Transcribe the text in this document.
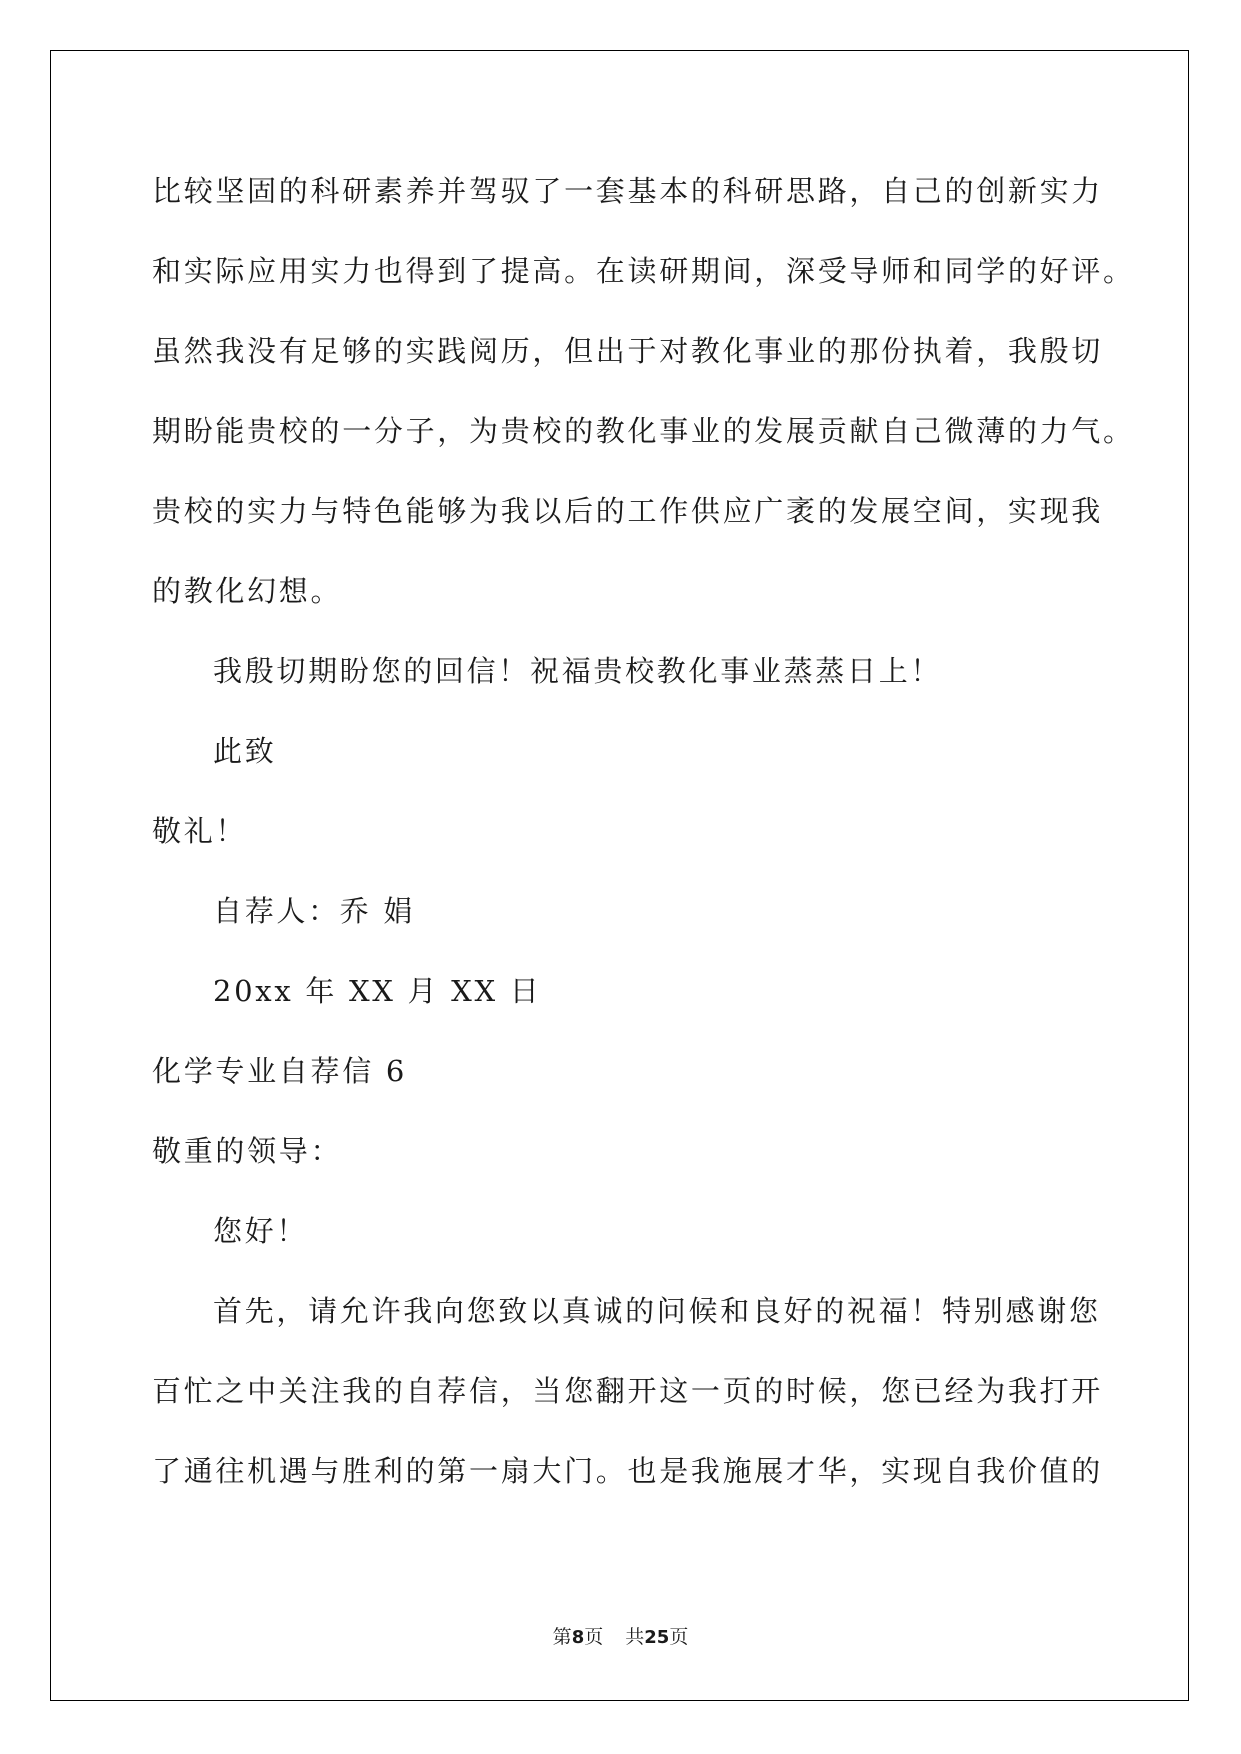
比较坚固的科研素养并驾驭了一套基本的科研思路，自己的创新实力

和实际应用实力也得到了提高。在读研期间，深受导师和同学的好评。

虽然我没有足够的实践阅历，但出于对教化事业的那份执着，我殷切

期盼能贵校的一分子，为贵校的教化事业的发展贡献自己微薄的力气。

贵校的实力与特色能够为我以后的工作供应广袤的发展空间，实现我

的教化幻想。

我殷切期盼您的回信！祝福贵校教化事业蒸蒸日上！

此致

敬礼！

自荐人：乔 娟

20xx 年 XX 月 XX 日

化学专业自荐信 6

敬重的领导：

您好！

首先，请允许我向您致以真诚的问候和良好的祝福！特别感谢您

百忙之中关注我的自荐信，当您翻开这一页的时候，您已经为我打开

了通往机遇与胜利的第一扇大门。也是我施展才华，实现自我价值的

第8页 共25页
